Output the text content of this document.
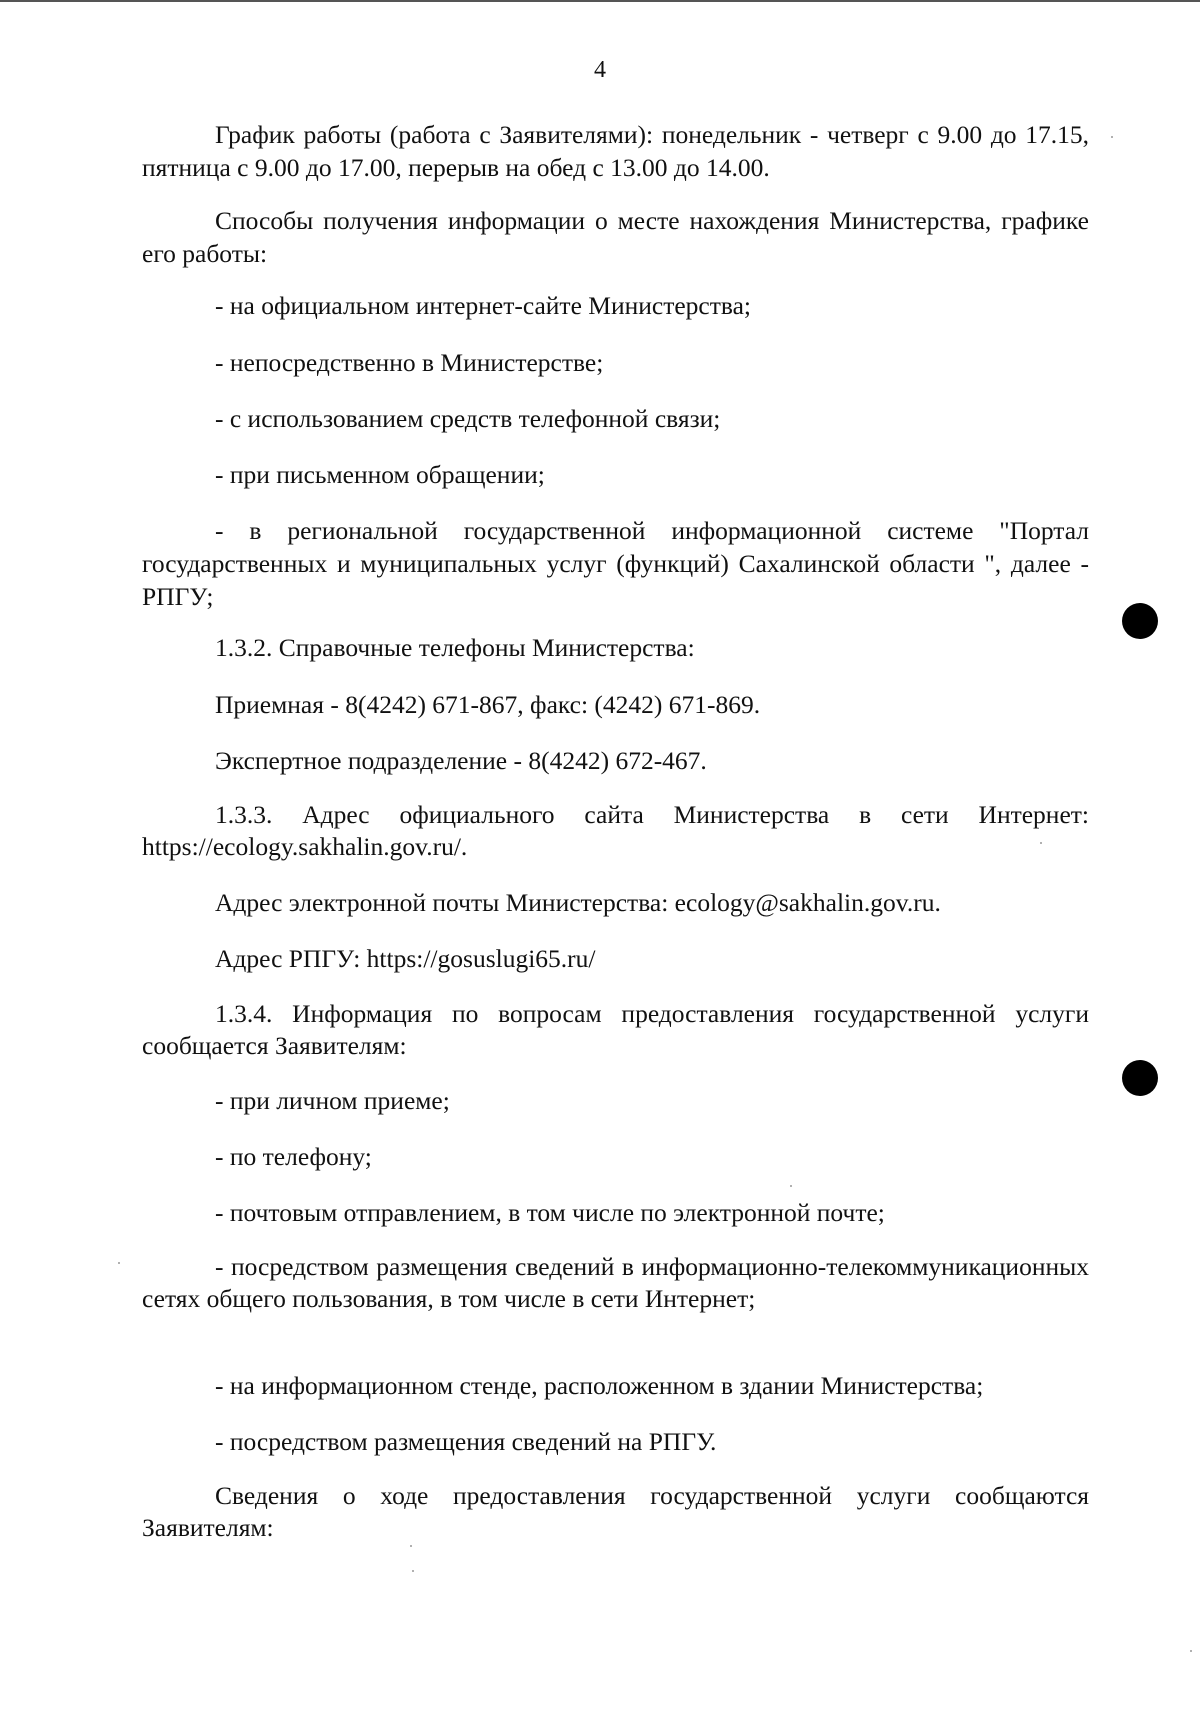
4

График работы (работа с Заявителями): понедельник - четверг с 9.00 до 17.15, пятница с 9.00 до 17.00, перерыв на обед с 13.00 до 14.00.

Способы получения информации о месте нахождения Министерства, графике его работы:

- на официальном интернет-сайте Министерства;

- непосредственно в Министерстве;

- с использованием средств телефонной связи;

- при письменном обращении;

- в региональной государственной информационной системе "Портал государственных и муниципальных услуг (функций) Сахалинской области ", далее - РПГУ;

1.3.2. Справочные телефоны Министерства:

Приемная - 8(4242) 671-867, факс: (4242) 671-869.

Экспертное подразделение - 8(4242) 672-467.

1.3.3. Адрес официального сайта Министерства в сети Интернет: https://ecology.sakhalin.gov.ru/.

Адрес электронной почты Министерства: ecology@sakhalin.gov.ru.

Адрес РПГУ: https://gosuslugi65.ru/

1.3.4. Информация по вопросам предоставления государственной услуги сообщается Заявителям:

- при личном приеме;

- по телефону;

- почтовым отправлением, в том числе по электронной почте;

- посредством размещения сведений в информационно-телекоммуникационных сетях общего пользования, в том числе в сети Интернет;

- на информационном стенде, расположенном в здании Министерства;

- посредством размещения сведений на РПГУ.

Сведения о ходе предоставления государственной услуги сообщаются Заявителям:
